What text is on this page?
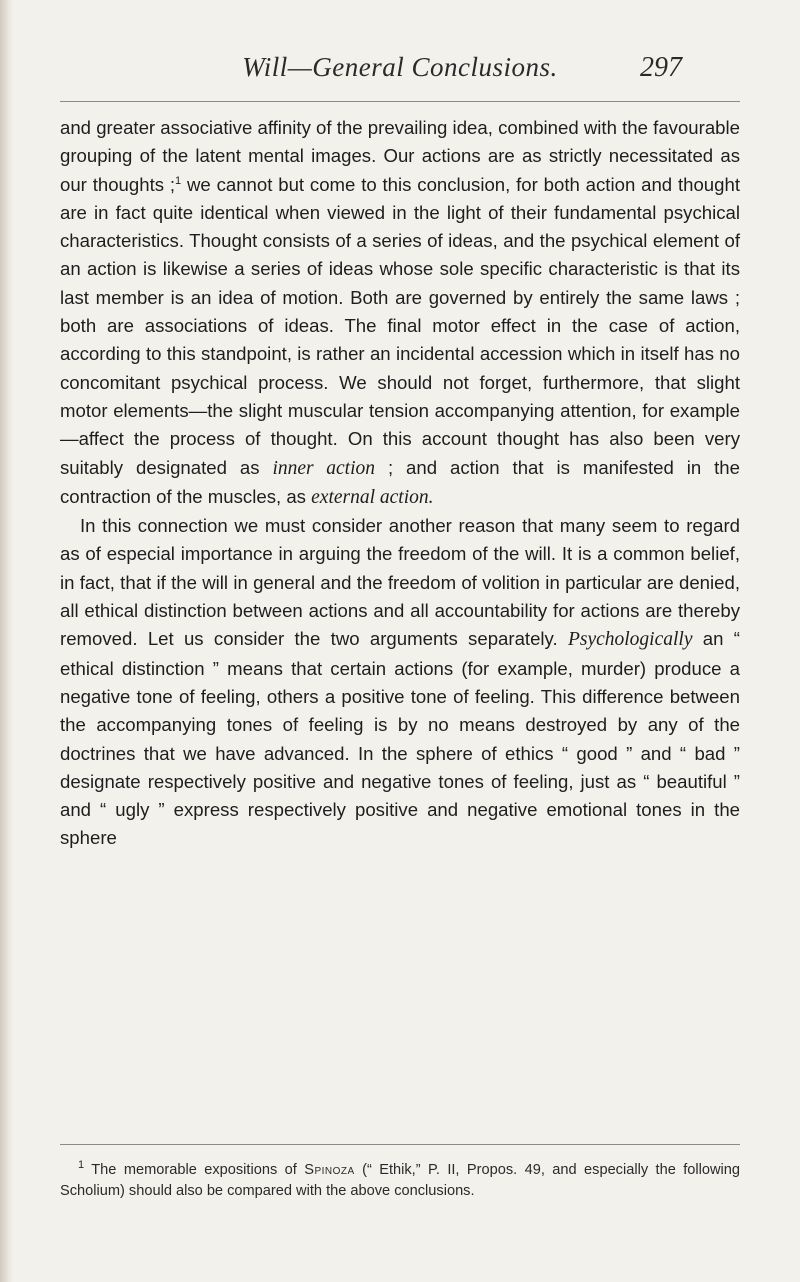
Will—General Conclusions.	297

and greater associative affinity of the prevailing idea, combined with the favourable grouping of the latent mental images. Our actions are as strictly necessitated as our thoughts ;$^1$ we cannot but come to this conclusion, for both action and thought are in fact quite identical when viewed in the light of their fundamental psychical characteristics. Thought consists of a series of ideas, and the psychical element of an action is likewise a series of ideas whose sole specific characteristic is that its last member is an idea of motion. Both are governed by entirely the same laws ; both are associations of ideas. The final motor effect in the case of action, according to this standpoint, is rather an incidental accession which in itself has no concomitant psychical process. We should not forget, furthermore, that slight motor elements—the slight muscular tension accompanying attention, for example—affect the process of thought. On this account thought has also been very suitably designated as inner action ; and action that is manifested in the contraction of the muscles, as external action.

In this connection we must consider another reason that many seem to regard as of especial importance in arguing the freedom of the will. It is a common belief, in fact, that if the will in general and the freedom of volition in particular are denied, all ethical distinction between actions and all accountability for actions are thereby removed. Let us consider the two arguments separately. Psychologically an “ ethical distinction ” means that certain actions (for example, murder) produce a negative tone of feeling, others a positive tone of feeling. This difference between the accompanying tones of feeling is by no means destroyed by any of the doctrines that we have advanced. In the sphere of ethics “ good ” and “ bad ” designate respectively positive and negative tones of feeling, just as “ beautiful ” and “ ugly ” express respectively positive and negative emotional tones in the sphere

$^1$ The memorable expositions of Spinoza (“ Ethik,” P. II, Propos. 49, and especially the following Scholium) should also be compared with the above conclusions.
